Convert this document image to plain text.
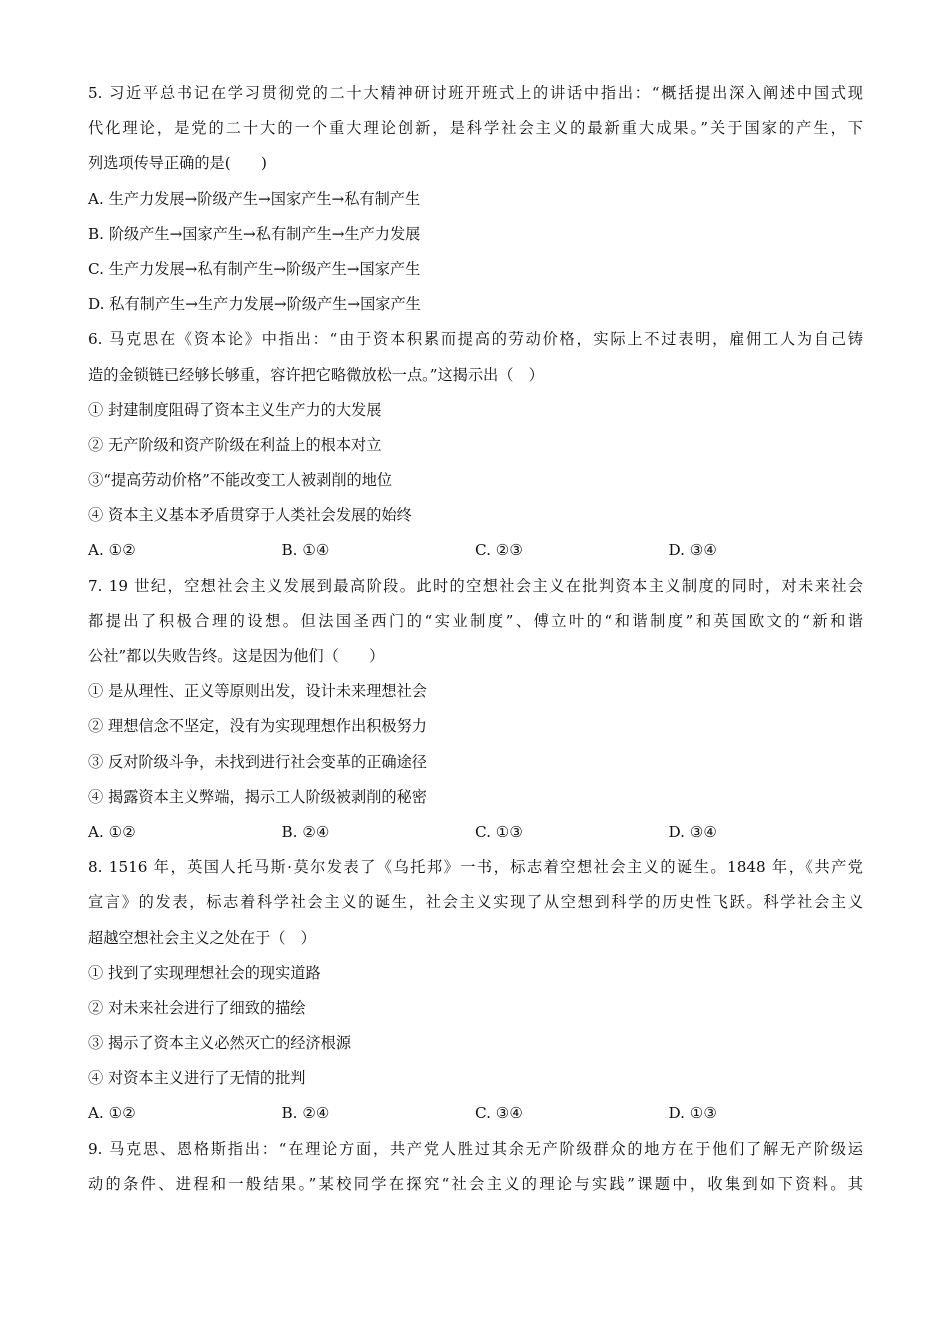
5. 习近平总书记在学习贯彻党的二十大精神研讨班开班式上的讲话中指出：“概括提出深入阐述中国式现
代化理论，是党的二十大的一个重大理论创新，是科学社会主义的最新重大成果。”关于国家的产生，下
列选项传导正确的是(　　)
A. 生产力发展→阶级产生→国家产生→私有制产生
B. 阶级产生→国家产生→私有制产生→生产力发展
C. 生产力发展→私有制产生→阶级产生→国家产生
D. 私有制产生→生产力发展→阶级产生→国家产生
6. 马克思在《资本论》中指出：“由于资本积累而提高的劳动价格，实际上不过表明，雇佣工人为自己铸
造的金锁链已经够长够重，容许把它略微放松一点。”这揭示出（　）
① 封建制度阻碍了资本主义生产力的大发展
② 无产阶级和资产阶级在利益上的根本对立
③“提高劳动价格”不能改变工人被剥削的地位
④ 资本主义基本矛盾贯穿于人类社会发展的始终
A. ①②	B. ①④	C. ②③	D. ③④
7. 19 世纪，空想社会主义发展到最高阶段。此时的空想社会主义在批判资本主义制度的同时，对未来社会
都提出了积极合理的设想。但法国圣西门的“实业制度”、傅立叶的“和谐制度”和英国欧文的“新和谐
公社”都以失败告终。这是因为他们（　　）
① 是从理性、正义等原则出发，设计未来理想社会
② 理想信念不坚定，没有为实现理想作出积极努力
③ 反对阶级斗争，未找到进行社会变革的正确途径
④ 揭露资本主义弊端，揭示工人阶级被剥削的秘密
A. ①②	B. ②④	C. ①③	D. ③④
8. 1516 年，英国人托马斯·莫尔发表了《乌托邦》一书，标志着空想社会主义的诞生。1848 年，《共产党
宣言》的发表，标志着科学社会主义的诞生，社会主义实现了从空想到科学的历史性飞跃。科学社会主义
超越空想社会主义之处在于（　）
① 找到了实现理想社会的现实道路
② 对未来社会进行了细致的描绘
③ 揭示了资本主义必然灭亡的经济根源
④ 对资本主义进行了无情的批判
A. ①②	B. ②④	C. ③④	D. ①③
9. 马克思、恩格斯指出：“在理论方面，共产党人胜过其余无产阶级群众的地方在于他们了解无产阶级运
动的条件、进程和一般结果。”某校同学在探究“社会主义的理论与实践”课题中，收集到如下资料。其
